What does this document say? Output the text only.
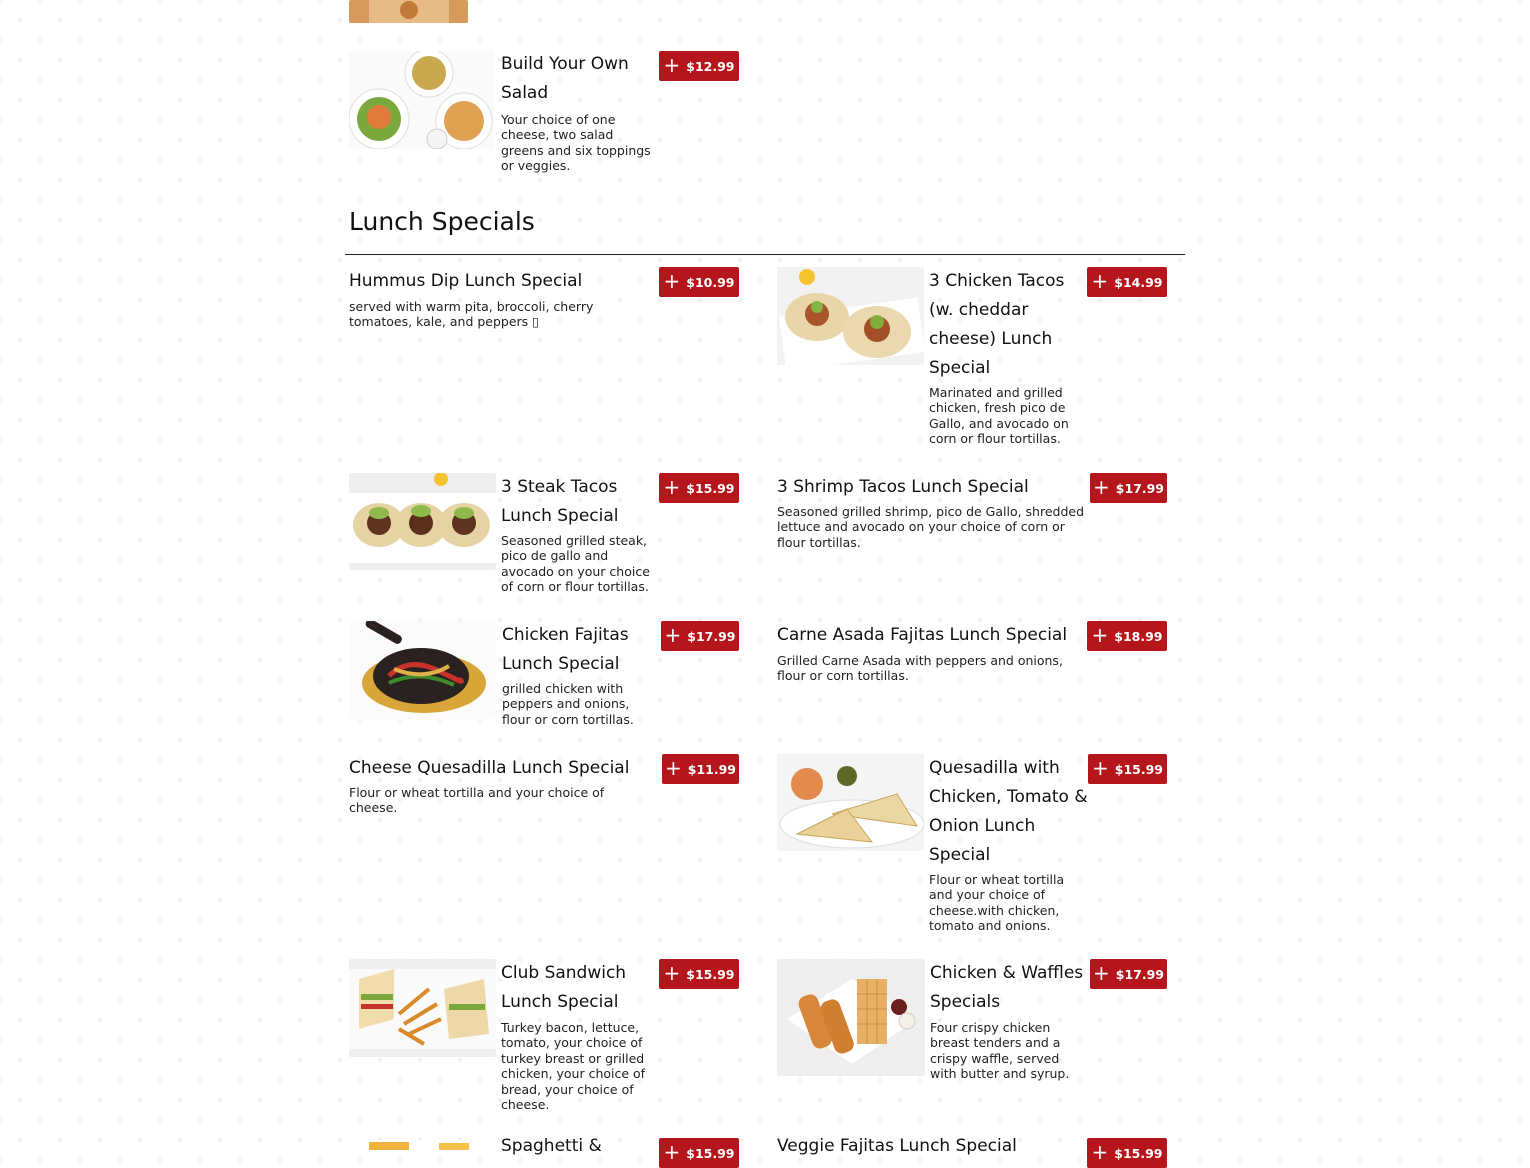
Build Your Own Salad

Your choice of one cheese, two salad greens and six toppings or veggies.

+ $12.99
Lunch Specials
Hummus Dip Lunch Special

served with warm pita, broccoli, cherry tomatoes, kale, and peppers ▯

+ $10.99	3 Chicken Tacos (w. cheddar cheese) Lunch Special

Marinated and grilled chicken, fresh pico de Gallo, and avocado on corn or flour tortillas.

+ $14.99
3 Steak Tacos Lunch Special

Seasoned grilled steak, pico de gallo and avocado on your choice of corn or flour tortillas.

+ $15.99 3 Shrimp Tacos Lunch Special

Seasoned grilled shrimp, pico de Gallo, shredded lettuce and avocado on your choice of corn or flour tortillas.

+ $17.99
Chicken Fajitas Lunch Special

grilled chicken with peppers and onions, flour or corn tortillas.

+ $17.99 Carne Asada Fajitas Lunch Special

Grilled Carne Asada with peppers and onions, flour or corn tortillas.

+ $18.99
Cheese Quesadilla Lunch Special

Flour or wheat tortilla and your choice of cheese.

+ $11.99	Quesadilla with Chicken, Tomato & Onion Lunch Special

Flour or wheat tortilla and your choice of cheese.with chicken, tomato and onions.

+ $15.99
Club Sandwich Lunch Special

Turkey bacon, lettuce, tomato, your choice of turkey breast or grilled chicken, your choice of bread, your choice of cheese.

+ $15.99	Chicken & Waffles Specials

Four crispy chicken breast tenders and a crispy waffle, served with butter and syrup.

+ $17.99
Spaghetti &	+ $15.99 Veggie Fajitas Lunch Special	+ $15.99
